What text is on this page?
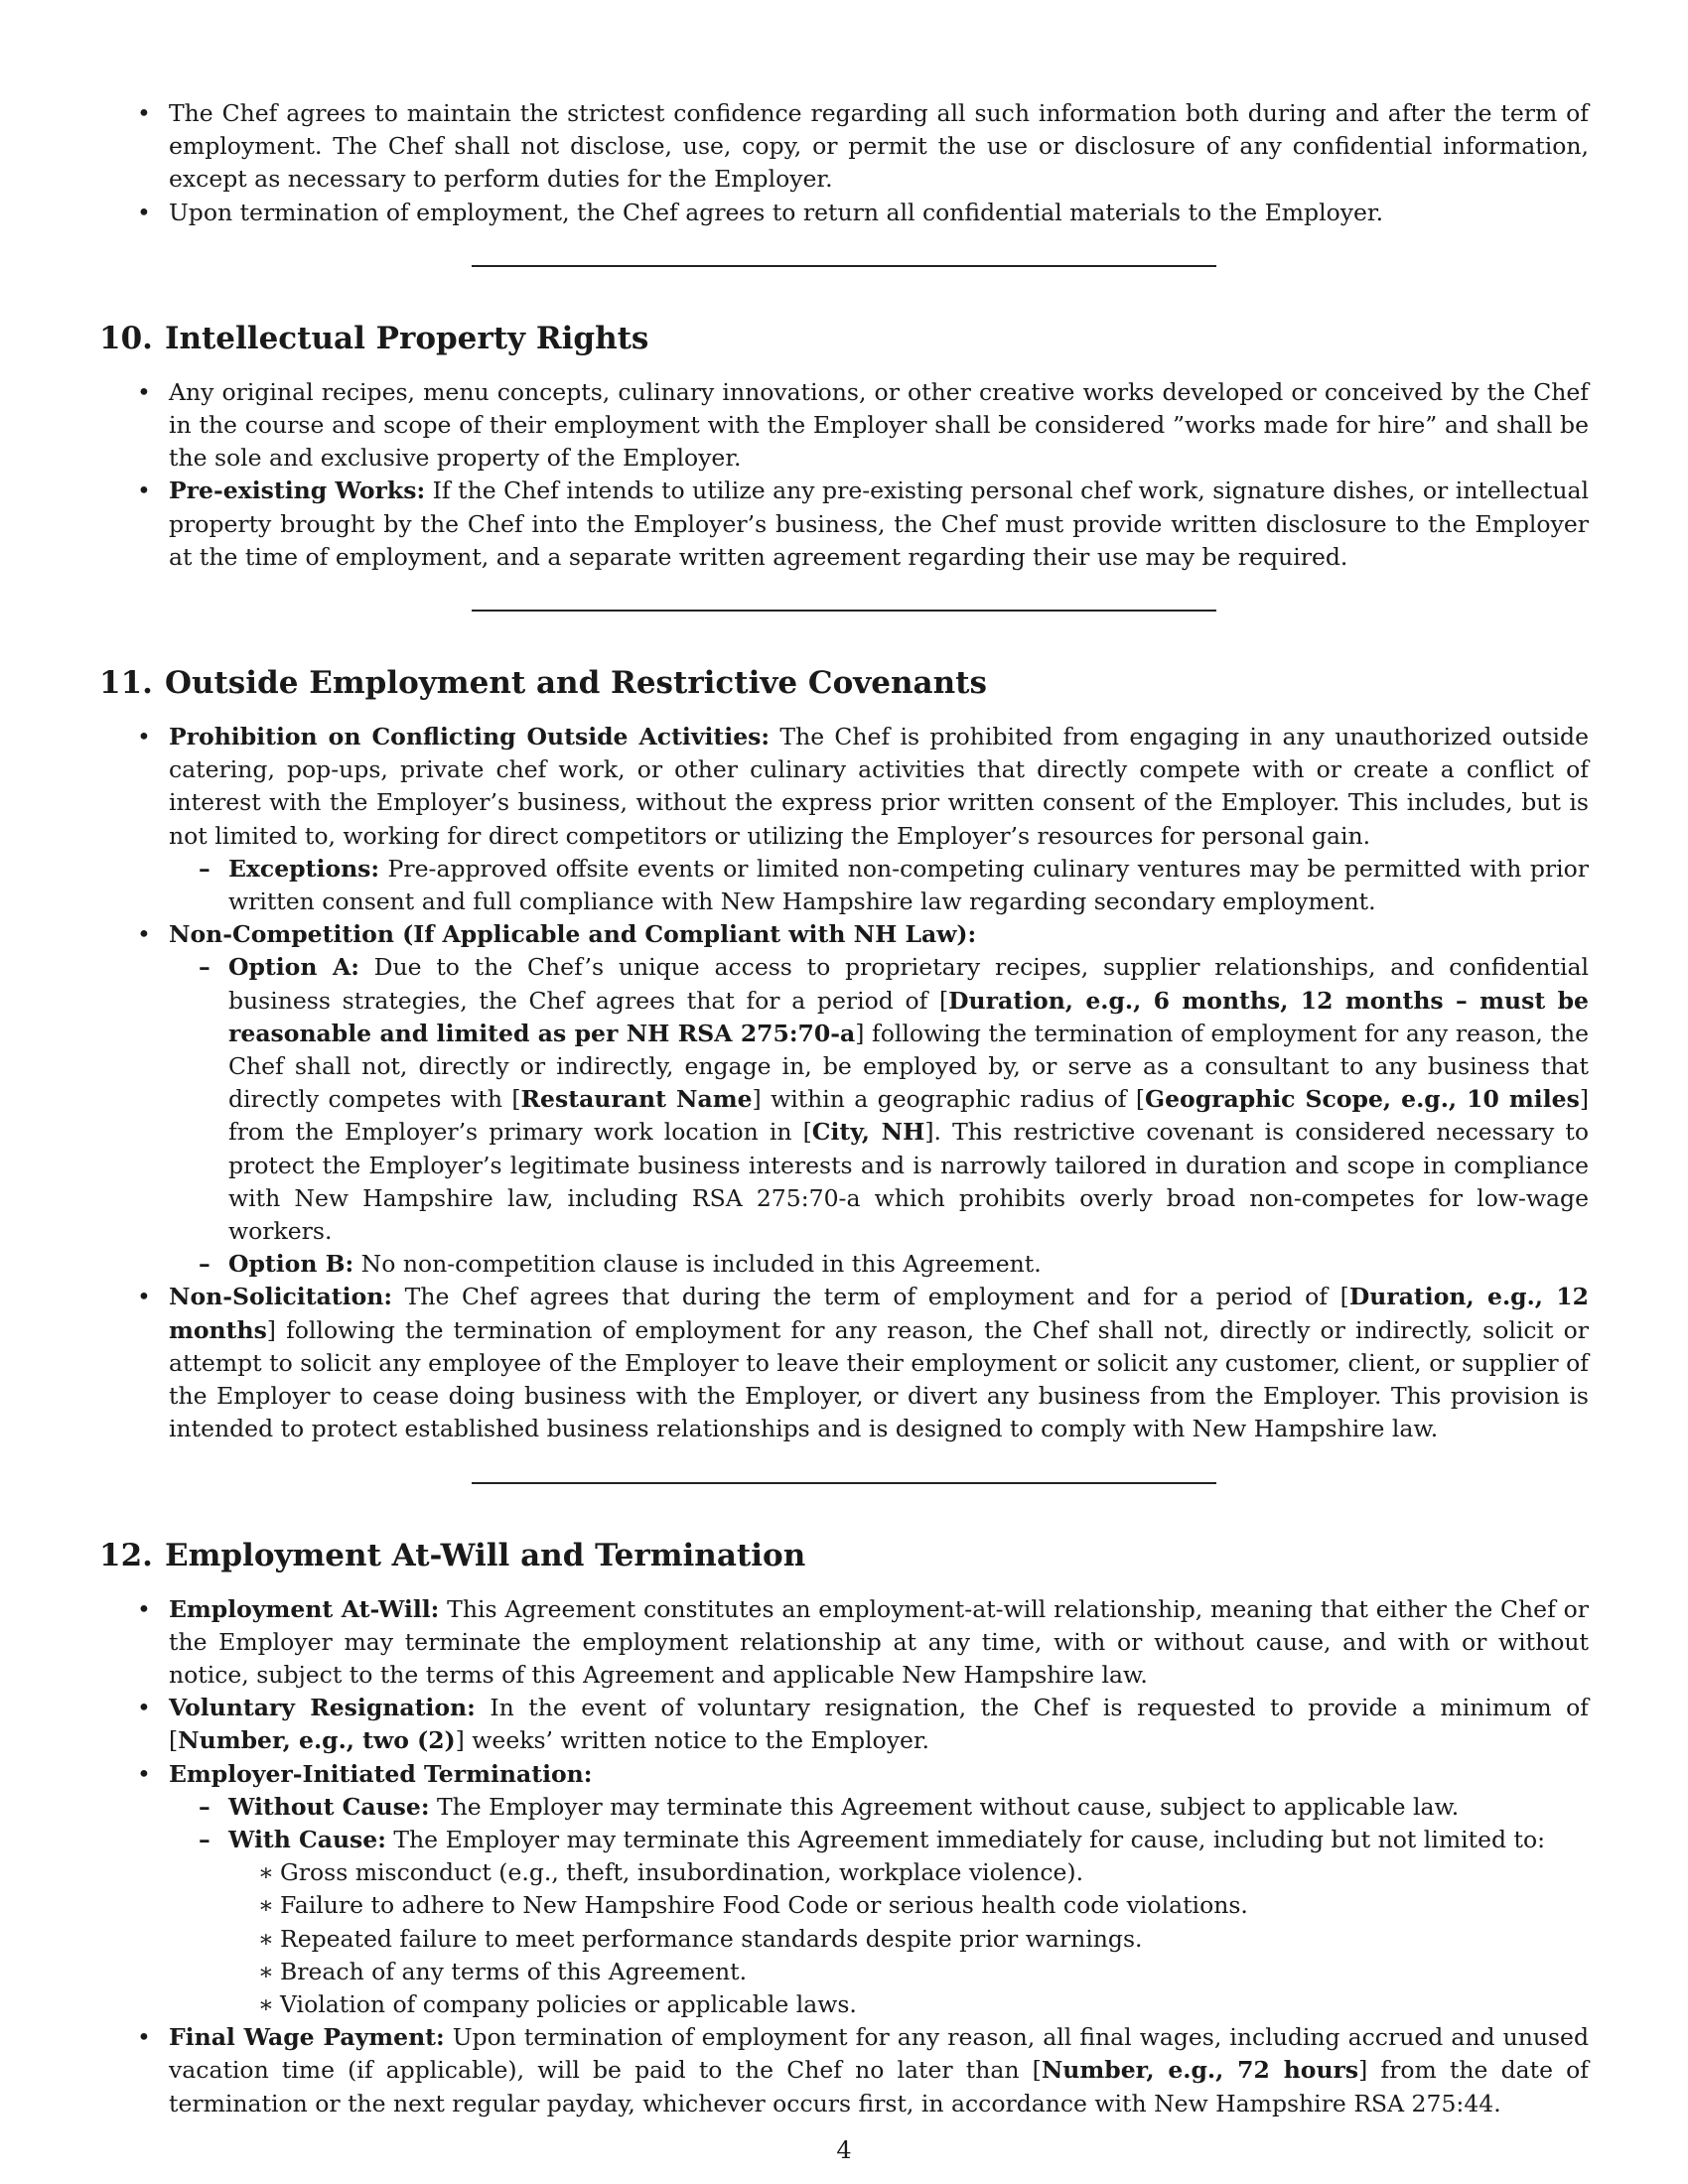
• The Chef agrees to maintain the strictest confidence regarding all such information both during and after the term of employment. The Chef shall not disclose, use, copy, or permit the use or disclosure of any confidential information, except as necessary to perform duties for the Employer.
• Upon termination of employment, the Chef agrees to return all confidential materials to the Employer.
10. Intellectual Property Rights
• Any original recipes, menu concepts, culinary innovations, or other creative works developed or conceived by the Chef in the course and scope of their employment with the Employer shall be considered ”works made for hire” and shall be the sole and exclusive property of the Employer.
• Pre-existing Works: If the Chef intends to utilize any pre-existing personal chef work, signature dishes, or intellectual property brought by the Chef into the Employer’s business, the Chef must provide written disclosure to the Employer at the time of employment, and a separate written agreement regarding their use may be required.
11. Outside Employment and Restrictive Covenants
• Prohibition on Conflicting Outside Activities: The Chef is prohibited from engaging in any unauthorized outside catering, pop-ups, private chef work, or other culinary activities that directly compete with or create a conflict of interest with the Employer’s business, without the express prior written consent of the Employer. This includes, but is not limited to, working for direct competitors or utilizing the Employer’s resources for personal gain.
– Exceptions: Pre-approved offsite events or limited non-competing culinary ventures may be permitted with prior written consent and full compliance with New Hampshire law regarding secondary employment.
• Non-Competition (If Applicable and Compliant with NH Law):
– Option A: Due to the Chef’s unique access to proprietary recipes, supplier relationships, and confidential business strategies, the Chef agrees that for a period of [Duration, e.g., 6 months, 12 months – must be reasonable and limited as per NH RSA 275:70-a] following the termination of employment for any reason, the Chef shall not, directly or indirectly, engage in, be employed by, or serve as a consultant to any business that directly competes with [Restaurant Name] within a geographic radius of [Geographic Scope, e.g., 10 miles] from the Employer’s primary work location in [City, NH]. This restrictive covenant is considered necessary to protect the Employer’s legitimate business interests and is narrowly tailored in duration and scope in compliance with New Hampshire law, including RSA 275:70-a which prohibits overly broad non-competes for low-wage workers.
– Option B: No non-competition clause is included in this Agreement.
• Non-Solicitation: The Chef agrees that during the term of employment and for a period of [Duration, e.g., 12 months] following the termination of employment for any reason, the Chef shall not, directly or indirectly, solicit or attempt to solicit any employee of the Employer to leave their employment or solicit any customer, client, or supplier of the Employer to cease doing business with the Employer, or divert any business from the Employer. This provision is intended to protect established business relationships and is designed to comply with New Hampshire law.
12. Employment At-Will and Termination
• Employment At-Will: This Agreement constitutes an employment-at-will relationship, meaning that either the Chef or the Employer may terminate the employment relationship at any time, with or without cause, and with or without notice, subject to the terms of this Agreement and applicable New Hampshire law.
• Voluntary Resignation: In the event of voluntary resignation, the Chef is requested to provide a minimum of [Number, e.g., two (2)] weeks’ written notice to the Employer.
• Employer-Initiated Termination:
– Without Cause: The Employer may terminate this Agreement without cause, subject to applicable law.
– With Cause: The Employer may terminate this Agreement immediately for cause, including but not limited to:
∗ Gross misconduct (e.g., theft, insubordination, workplace violence).
∗ Failure to adhere to New Hampshire Food Code or serious health code violations.
∗ Repeated failure to meet performance standards despite prior warnings.
∗ Breach of any terms of this Agreement.
∗ Violation of company policies or applicable laws.
• Final Wage Payment: Upon termination of employment for any reason, all final wages, including accrued and unused vacation time (if applicable), will be paid to the Chef no later than [Number, e.g., 72 hours] from the date of termination or the next regular payday, whichever occurs first, in accordance with New Hampshire RSA 275:44.
4
